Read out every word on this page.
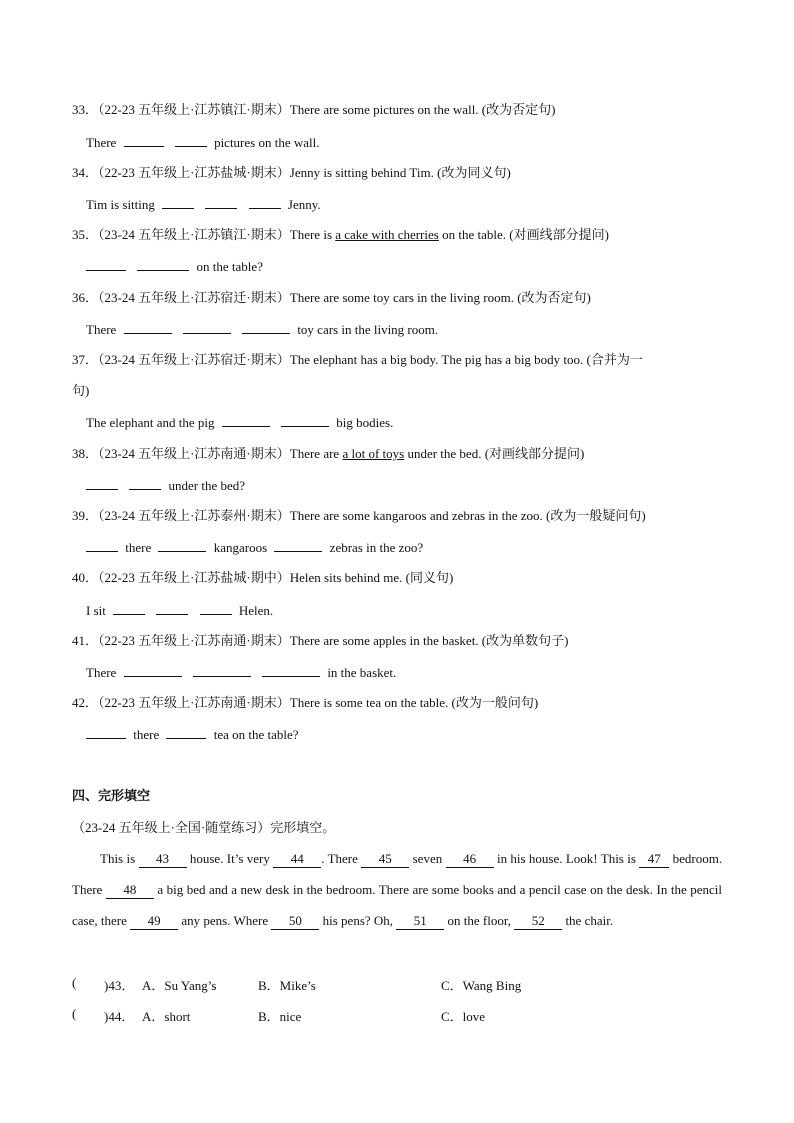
33．（22-23 五年级上·江苏镇江·期末）There are some pictures on the wall. (改为否定句)
There	pictures on the wall.
34．（22-23 五年级上·江苏盐城·期末）Jenny is sitting behind Tim. (改为同义句)
Tim is sitting	Jenny.
35．（23-24 五年级上·江苏镇江·期末）There is a cake with cherries on the table. (对画线部分提问)
on the table?
36．（23-24 五年级上·江苏宿迁·期末）There are some toy cars in the living room. (改为否定句)
There	toy cars in the living room.
37．（23-24 五年级上·江苏宿迁·期末）The elephant has a big body. The pig has a big body too. (合并为一
句)
The elephant and the pig	big bodies.
38．（23-24 五年级上·江苏南通·期末）There are a lot of toys under the bed. (对画线部分提问)
under the bed?
39．（23-24 五年级上·江苏泰州·期末）There are some kangaroos and zebras in the zoo. (改为一般疑问句)
there	kangaroos	zebras in the zoo?
40．（22-23 五年级上·江苏盐城·期中）Helen sits behind me. (同义句)
I sit	Helen.
41．（22-23 五年级上·江苏南通·期末）There are some apples in the basket. (改为单数句子)
There	in the basket.
42．（22-23 五年级上·江苏南通·期末）There is some tea on the table. (改为一般问句)
there	tea on the table?
四、完形填空
（23-24 五年级上·全国·随堂练习）完形填空。
This is 43 house. It’s very 44 . There 45 seven 46 in his house. Look! This is 47 bedroom. There 48 a big bed and a new desk in the bedroom. There are some books and a pencil case on the desk. In the pencil case, there 49 any pens. Where 50 his pens? Oh, 51 on the floor, 52 the chair.
( )43． A．Su Yang’s	B．Mike’s	C．Wang Bing
( )44． A．short	B．nice	C．love
